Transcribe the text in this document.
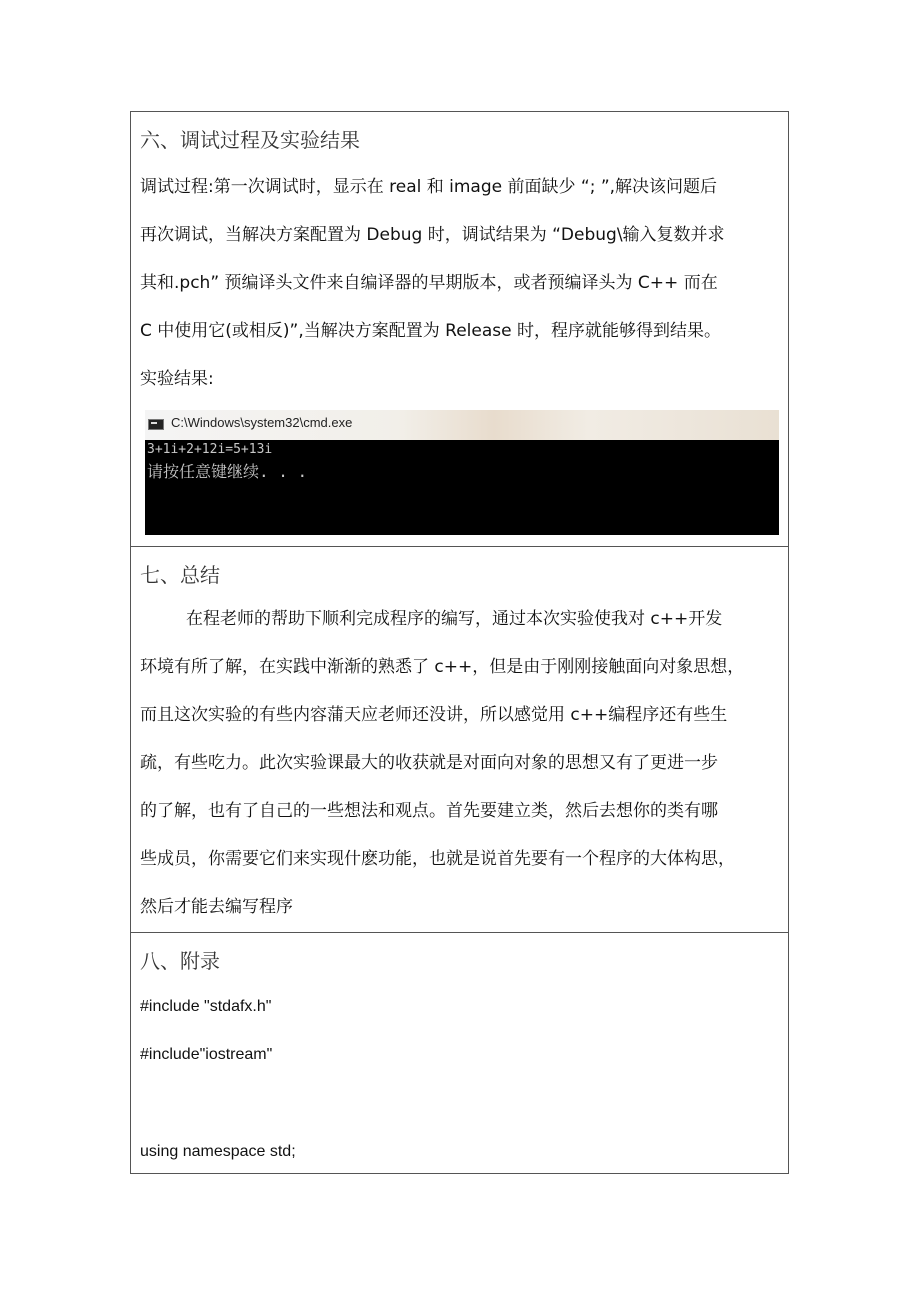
六、调试过程及实验结果

调试过程:第一次调试时，显示在 real 和 image 前面缺少 “; ”,解决该问题后

再次调试，当解决方案配置为 Debug 时，调试结果为 “Debug\输入复数并求

其和.pch” 预编译头文件来自编译器的早期版本，或者预编译头为 C++ 而在

C 中使用它(或相反)”,当解决方案配置为 Release 时，程序就能够得到结果。

实验结果:

C:\Windows\system32\cmd.exe
3+1i+2+12i=5+13i
请按任意键继续. . .
七、总结

在程老师的帮助下顺利完成程序的编写，通过本次实验使我对 c++开发

环境有所了解，在实践中渐渐的熟悉了 c++，但是由于刚刚接触面向对象思想，

而且这次实验的有些内容蒲天应老师还没讲，所以感觉用 c++编程序还有些生

疏，有些吃力。此次实验课最大的收获就是对面向对象的思想又有了更进一步

的了解，也有了自己的一些想法和观点。首先要建立类，然后去想你的类有哪

些成员，你需要它们来实现什麽功能，也就是说首先要有一个程序的大体构思，

然后才能去编写程序

八、附录

#include "stdafx.h"

#include"iostream"

using namespace std;
